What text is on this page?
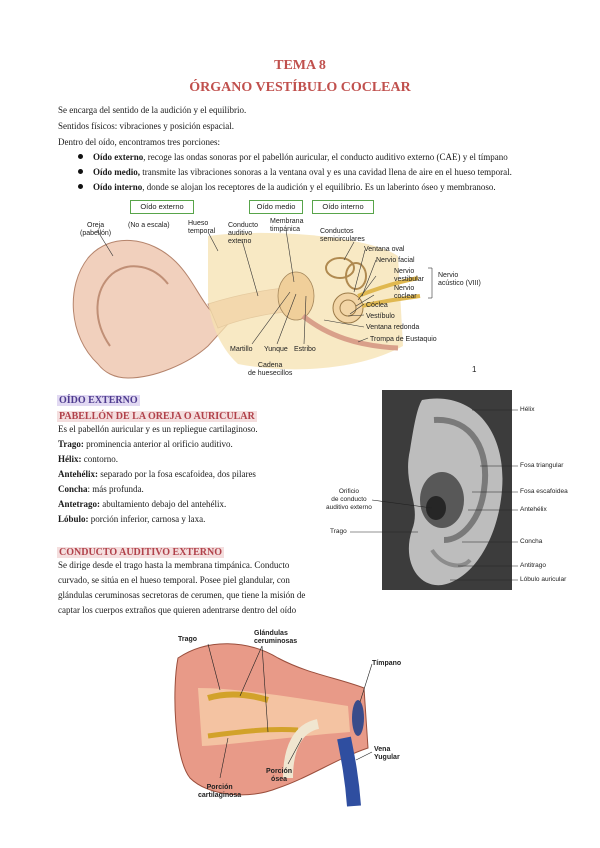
TEMA 8
ÓRGANO VESTÍBULO COCLEAR
Se encarga del sentido de la audición y el equilibrio.
Sentidos físicos: vibraciones y posición espacial.
Dentro del oído, encontramos tres porciones:
Oído externo, recoge las ondas sonoras por el pabellón auricular, el conducto auditivo externo (CAE) y el tímpano
Oído medio, transmite las vibraciones sonoras a la ventana oval y es una cavidad llena de aire en el hueso temporal.
Oído interno, donde se alojan los receptores de la audición y el equilibrio. Es un laberinto óseo y membranoso.
Oído externo	Oído medio	Oído interno
Oreja
(pabellón)
(No a escala)	Hueso
temporal
Conducto
auditivo
externo
Membrana
timpánica	Conductos
semicirculares
Ventana oval
Nervio facial
Nervio
vestibular
Nervio
coclear
Nervio
acústico (VIII)
Cóclea
Vestíbulo
Ventana redonda
Trompa de Eustaquio
Martillo Yunque Estribo
Cadena
de huesecillos	1
OÍDO EXTERNO
PABELLÓN DE LA OREJA O AURICULAR
Es el pabellón auricular y es un repliegue cartilaginoso.
Trago: prominencia anterior al orificio auditivo.
Hélix: contorno.
Antehélix: separado por la fosa escafoidea, dos pilares
Concha: más profunda.
Antetrago: abultamiento debajo del antehélix.
Lóbulo: porción inferior, carnosa y laxa.
CONDUCTO AUDITIVO EXTERNO
Se dirige desde el trago hasta la membrana timpánica. Conducto
curvado, se sitúa en el hueso temporal. Posee piel glandular, con
glándulas ceruminosas secretoras de cerumen, que tiene la misión de
captar los cuerpos extraños que quieren adentrarse dentro del oído
Hélix
Fosa triangular
Fosa escafoidea
Antehélix
Orificio
de conducto
auditivo externo
Trago
Concha
Antitrago
Lóbulo auricular
Trago
Glándulas
ceruminosas
Tímpano
Vena
Yugular
Porción
ósea
Porción
cartilaginosa
